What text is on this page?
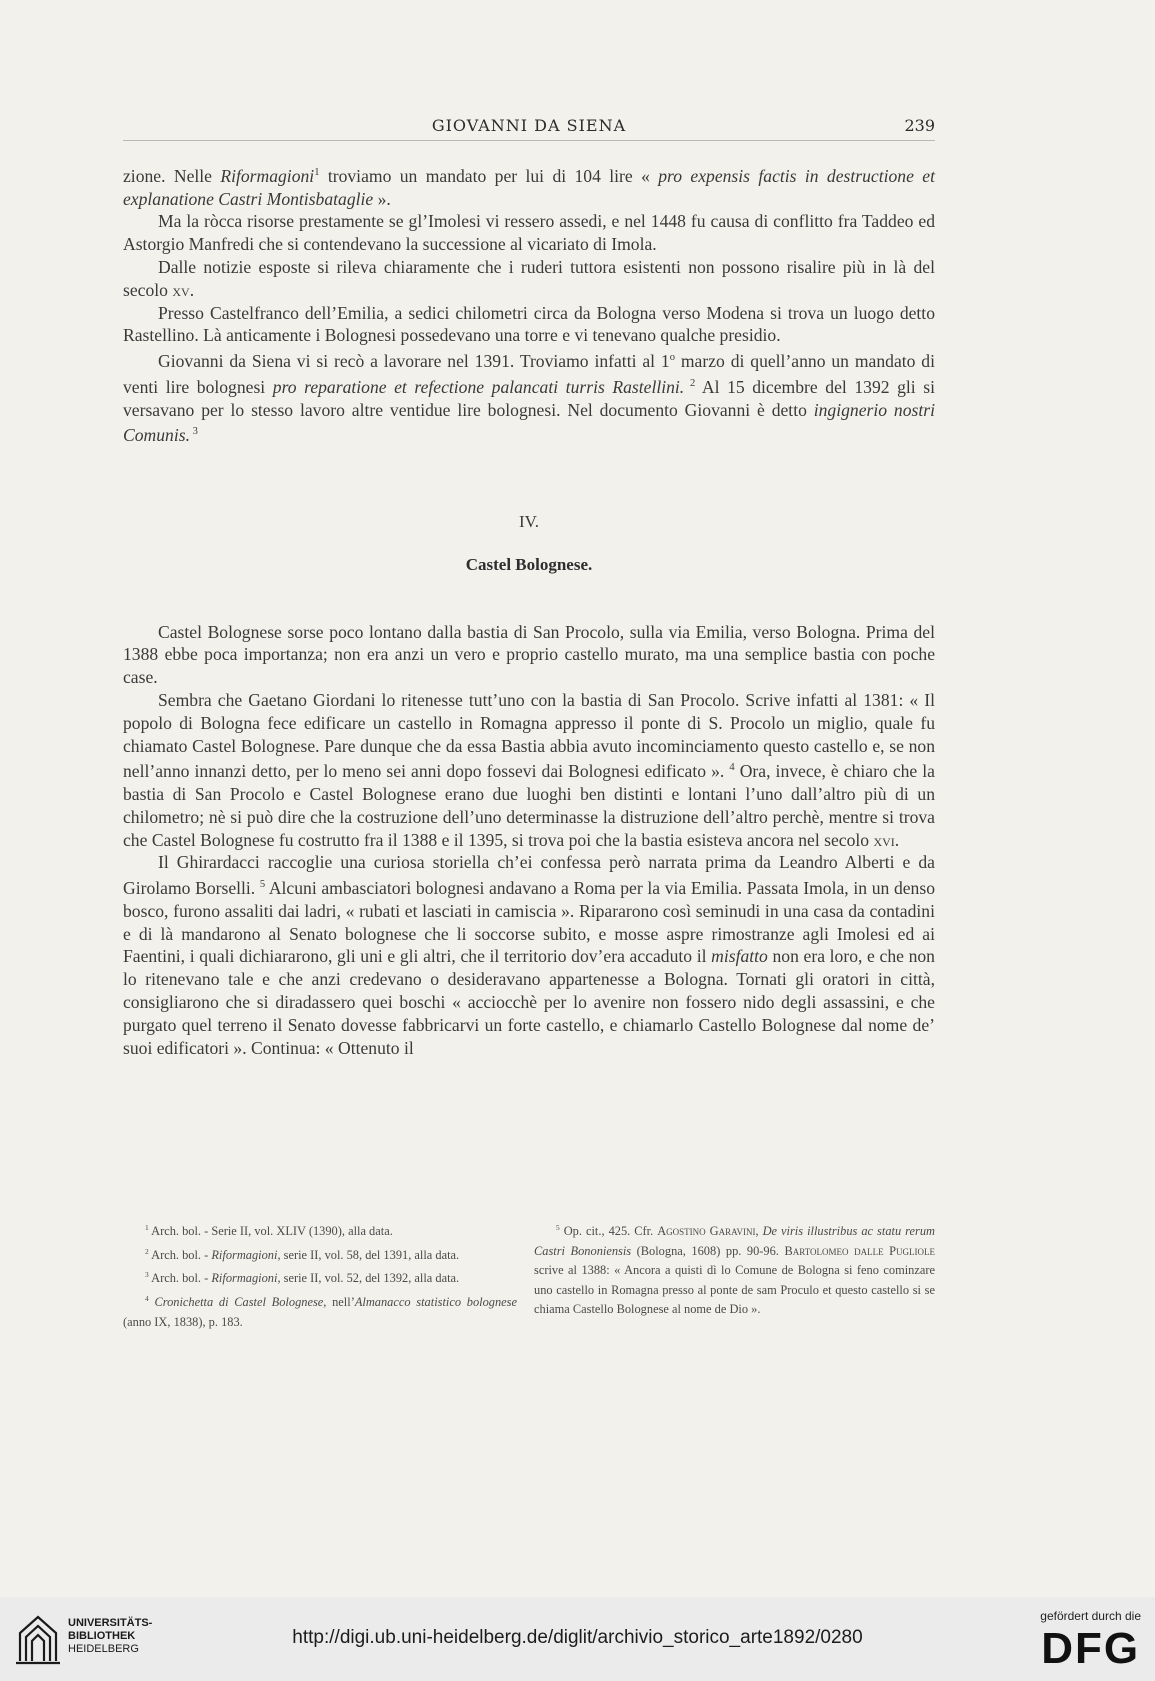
GIOVANNI DA SIENA	239

zione. Nelle Riformagioni$^1$ troviamo un mandato per lui di 104 lire « pro expensis factis in destructione et explanatione Castri Montisbataglie ».

Ma la ròcca risorse prestamente se gl’Imolesi vi ressero assedi, e nel 1448 fu causa di conflitto fra Taddeo ed Astorgio Manfredi che si contendevano la successione al vicariato di Imola.

Dalle notizie esposte si rileva chiaramente che i ruderi tuttora esistenti non possono risalire più in là del secolo xv.

Presso Castelfranco dell’Emilia, a sedici chilometri circa da Bologna verso Modena si trova un luogo detto Rastellino. Là anticamente i Bolognesi possedevano una torre e vi tenevano qualche presidio.

Giovanni da Siena vi si recò a lavorare nel 1391. Troviamo infatti al 1$^o$ marzo di quell’anno un mandato di venti lire bolognesi pro reparatione et refectione palancati turris Rastellini. $^2$ Al 15 dicembre del 1392 gli si versavano per lo stesso lavoro altre ventidue lire bolognesi. Nel documento Giovanni è detto ingignerio nostri Comunis. $^3$

IV.
Castel Bolognese.

Castel Bolognese sorse poco lontano dalla bastia di San Procolo, sulla via Emilia, verso Bologna. Prima del 1388 ebbe poca importanza; non era anzi un vero e proprio castello murato, ma una semplice bastia con poche case.

Sembra che Gaetano Giordani lo ritenesse tutt’uno con la bastia di San Procolo. Scrive infatti al 1381: « Il popolo di Bologna fece edificare un castello in Romagna appresso il ponte di S. Procolo un miglio, quale fu chiamato Castel Bolognese. Pare dunque che da essa Bastia abbia avuto incominciamento questo castello e, se non nell’anno innanzi detto, per lo meno sei anni dopo fossevi dai Bolognesi edificato ». $^4$ Ora, invece, è chiaro che la bastia di San Procolo e Castel Bolognese erano due luoghi ben distinti e lontani l’uno dall’altro più di un chilometro; nè si può dire che la costruzione dell’uno determinasse la distruzione dell’altro perchè, mentre si trova che Castel Bolognese fu costrutto fra il 1388 e il 1395, si trova poi che la bastia esisteva ancora nel secolo xvi.

Il Ghirardacci raccoglie una curiosa storiella ch’ei confessa però narrata prima da Leandro Alberti e da Girolamo Borselli. $^5$ Alcuni ambasciatori bolognesi andavano a Roma per la via Emilia. Passata Imola, in un denso bosco, furono assaliti dai ladri, « rubati et lasciati in camiscia ». Ripararono così seminudi in una casa da contadini e di là mandarono al Senato bolognese che li soccorse subito, e mosse aspre rimostranze agli Imolesi ed ai Faentini, i quali dichiararono, gli uni e gli altri, che il territorio dov’era accaduto il misfatto non era loro, e che non lo ritenevano tale e che anzi credevano o desideravano appartenesse a Bologna. Tornati gli oratori in città, consigliarono che si diradassero quei boschi « acciocchè per lo avenire non fossero nido degli assassini, e che purgato quel terreno il Senato dovesse fabbricarvi un forte castello, e chiamarlo Castello Bolognese dal nome de’ suoi edificatori ». Continua: « Ottenuto il

$^1$ Arch. bol. - Serie II, vol. XLIV (1390), alla data.

$^2$ Arch. bol. - Riformagioni, serie II, vol. 58, del 1391, alla data.

$^3$ Arch. bol. - Riformagioni, serie II, vol. 52, del 1392, alla data.

$^4$ Cronichetta di Castel Bolognese, nell’Almanacco statistico bolognese (anno IX, 1838), p. 183.

$^5$ Op. cit., 425. Cfr. Agostino Garavini, De viris illustribus ac statu rerum Castri Bononiensis (Bologna, 1608) pp. 90-96. Bartolomeo dalle Pugliole scrive al 1388: « Ancora a quisti dì lo Comune de Bologna si feno cominzare uno castello in Romagna presso al ponte de sam Proculo et questo castello si se chiama Castello Bolognese al nome de Dio ».

UNIVERSITÄTS-
BIBLIOTHEK
HEIDELBERG
http://digi.ub.uni-heidelberg.de/diglit/archivio_storico_arte1892/0280
gefördert durch die
DFG
